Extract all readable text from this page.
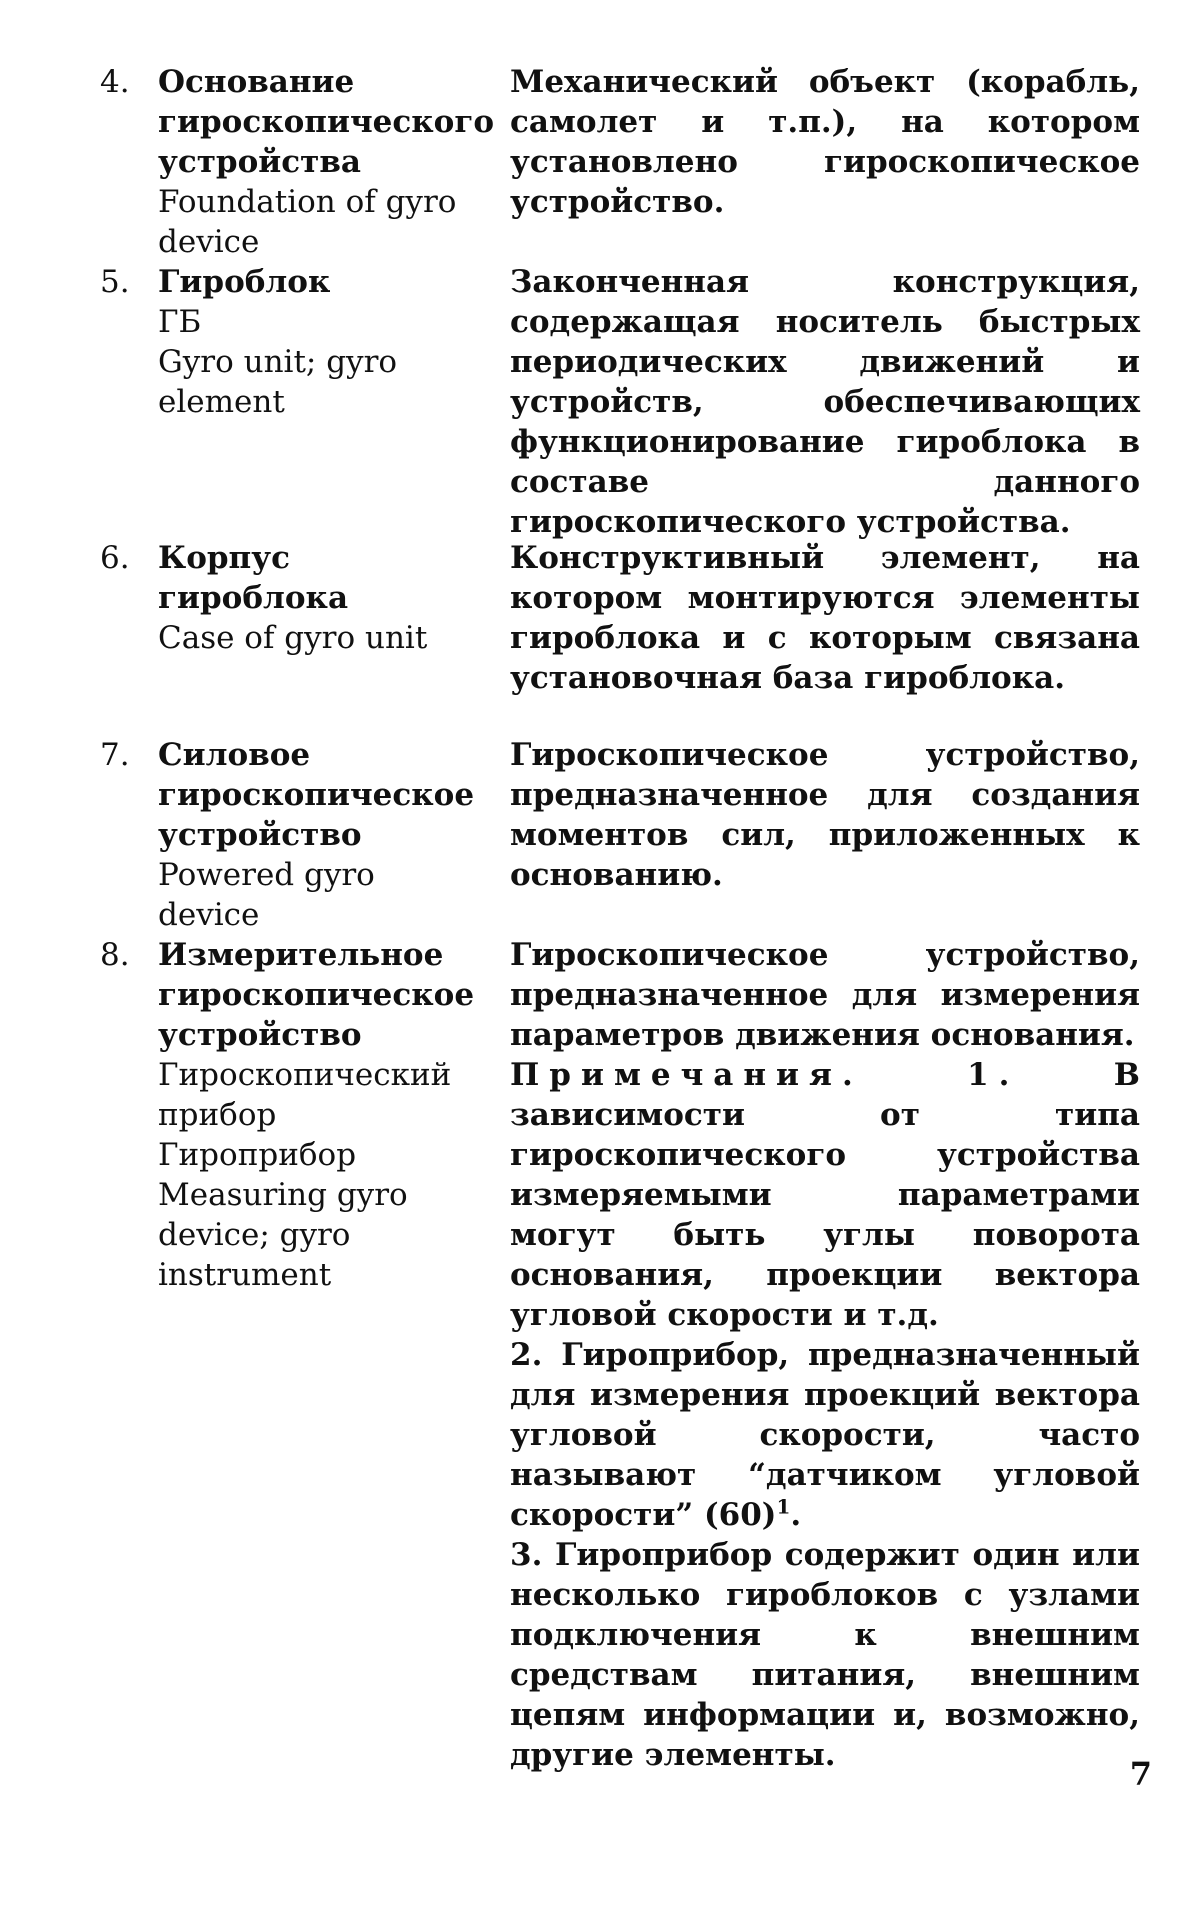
4. Основание гироскопического устройства
Foundation of gyro device

Механический объект (корабль, самолет и т.п.), на котором установлено гироскопическое устройство.

5. Гироблок
ГБ
Gyro unit; gyro element

Законченная конструкция, содержащая носитель быстрых периодических движений и устройств, обеспечивающих функционирование гироблока в составе данного гироскопического устройства.

6. Корпус гироблока
Case of gyro unit

Конструктивный элемент, на котором монтируются элементы гироблока и с которым связана установочная база гироблока.

7. Силовое гироскопическое устройство
Powered gyro device

Гироскопическое устройство, предназначенное для создания моментов сил, приложенных к основанию.

8. Измерительное гироскопическое устройство
Гироскопический прибор
Гироприбор
Measuring gyro device; gyro instrument

Гироскопическое устройство, предназначенное для измерения параметров движения основания.

Примечания. 1.	В зависимости от типа гироскопического устройства измеряемыми параметрами могут быть углы поворота основания, проекции вектора угловой скорости и т.д.

2. Гироприбор, предназначенный для измерения проекций вектора угловой скорости, часто называют “датчиком угловой скорости” $(60)^1$.

3. Гироприбор содержит один или несколько гироблоков с узлами подключения к внешним средствам питания, внешним цепям информации и, возможно, другие элементы.	7
